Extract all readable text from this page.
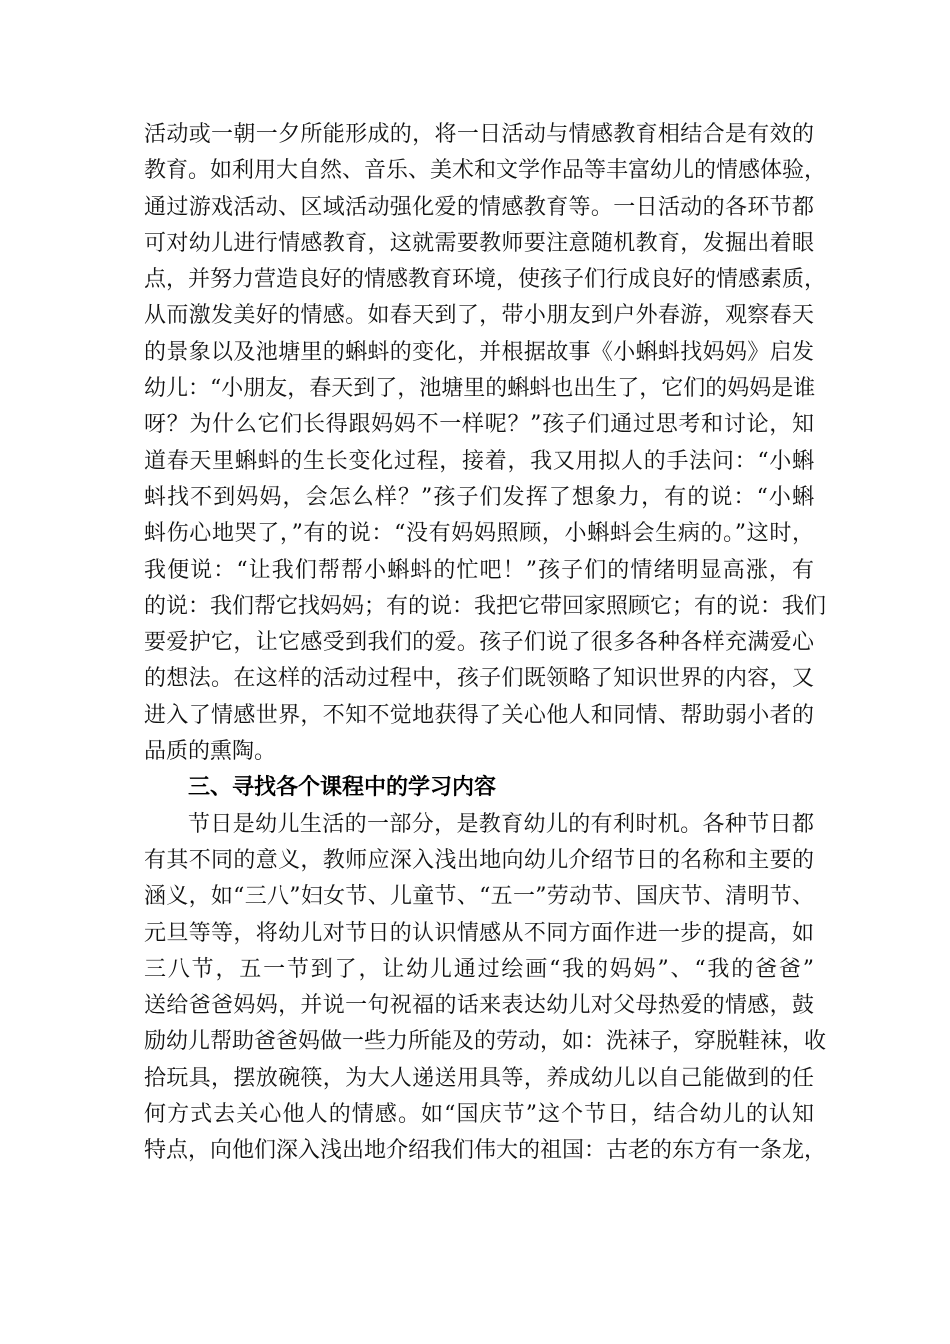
活动或一朝一夕所能形成的，将一日活动与情感教育相结合是有效的
教育。如利用大自然、音乐、美术和文学作品等丰富幼儿的情感体验，
通过游戏活动、区域活动强化爱的情感教育等。一日活动的各环节都
可对幼儿进行情感教育，这就需要教师要注意随机教育，发掘出着眼
点，并努力营造良好的情感教育环境，使孩子们行成良好的情感素质，
从而激发美好的情感。如春天到了，带小朋友到户外春游，观察春天
的景象以及池塘里的蝌蚪的变化，并根据故事《小蝌蚪找妈妈》启发
幼儿：“小朋友，春天到了，池塘里的蝌蚪也出生了，它们的妈妈是谁
呀？为什么它们长得跟妈妈不一样呢？”孩子们通过思考和讨论，知
道春天里蝌蚪的生长变化过程，接着，我又用拟人的手法问：“小蝌
蚪找不到妈妈，会怎么样？”孩子们发挥了想象力，有的说：“小蝌
蚪伤心地哭了，”有的说：“没有妈妈照顾，小蝌蚪会生病的。”这时，
我便说：“让我们帮帮小蝌蚪的忙吧！”孩子们的情绪明显高涨，有
的说：我们帮它找妈妈；有的说：我把它带回家照顾它；有的说：我们
要爱护它，让它感受到我们的爱。孩子们说了很多各种各样充满爱心
的想法。在这样的活动过程中，孩子们既领略了知识世界的内容，又
进入了情感世界，不知不觉地获得了关心他人和同情、帮助弱小者的
品质的熏陶。
三、寻找各个课程中的学习内容
节日是幼儿生活的一部分，是教育幼儿的有利时机。各种节日都
有其不同的意义，教师应深入浅出地向幼儿介绍节日的名称和主要的
涵义，如“三八”妇女节、儿童节、“五一”劳动节、国庆节、清明节、
元旦等等，将幼儿对节日的认识情感从不同方面作进一步的提高，如
三八节，五一节到了，让幼儿通过绘画“我的妈妈”、“我的爸爸”
送给爸爸妈妈，并说一句祝福的话来表达幼儿对父母热爱的情感，鼓
励幼儿帮助爸爸妈做一些力所能及的劳动，如：洗袜子，穿脱鞋袜，收
拾玩具，摆放碗筷，为大人递送用具等，养成幼儿以自己能做到的任
何方式去关心他人的情感。如“国庆节”这个节日，结合幼儿的认知
特点，向他们深入浅出地介绍我们伟大的祖国：古老的东方有一条龙，
